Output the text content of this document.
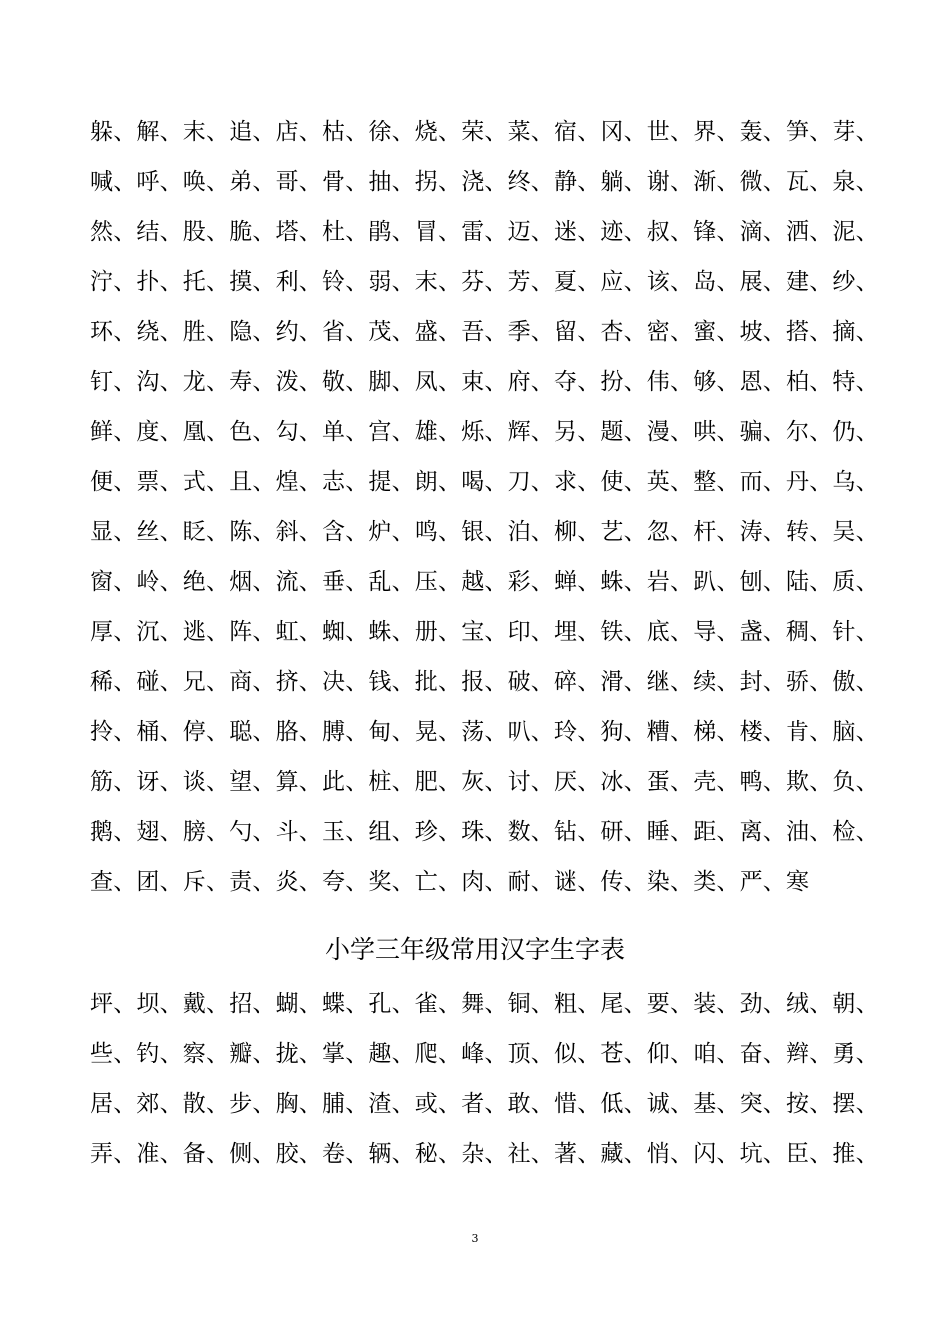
躲、解、末、追、店、枯、徐、烧、荣、菜、宿、冈、世、界、轰、笋、芽、
喊、呼、唤、弟、哥、骨、抽、拐、浇、终、静、躺、谢、渐、微、瓦、泉、
然、结、股、脆、塔、杜、鹃、冒、雷、迈、迷、迹、叔、锋、滴、洒、泥、
泞、扑、托、摸、利、铃、弱、末、芬、芳、夏、应、该、岛、展、建、纱、
环、绕、胜、隐、约、省、茂、盛、吾、季、留、杏、密、蜜、坡、搭、摘、
钉、沟、龙、寿、泼、敬、脚、凤、束、府、夺、扮、伟、够、恩、柏、特、
鲜、度、凰、色、勾、单、宫、雄、烁、辉、另、题、漫、哄、骗、尔、仍、
便、票、式、且、煌、志、提、朗、喝、刀、求、使、英、整、而、丹、乌、
显、丝、眨、陈、斜、含、炉、鸣、银、泊、柳、艺、忽、杆、涛、转、吴、
窗、岭、绝、烟、流、垂、乱、压、越、彩、蝉、蛛、岩、趴、刨、陆、质、
厚、沉、逃、阵、虹、蜘、蛛、册、宝、印、埋、铁、底、导、盏、稠、针、
稀、碰、兄、商、挤、决、钱、批、报、破、碎、滑、继、续、封、骄、傲、
拎、桶、停、聪、胳、膊、甸、晃、荡、叭、玲、狗、糟、梯、楼、肯、脑、
筋、讶、谈、望、算、此、桩、肥、灰、讨、厌、冰、蛋、壳、鸭、欺、负、
鹅、翅、膀、勺、斗、玉、组、珍、珠、数、钻、研、睡、距、离、油、检、
查、团、斥、责、炎、夸、奖、亡、肉、耐、谜、传、染、类、严、寒
小学三年级常用汉字生字表
坪、坝、戴、招、蝴、蝶、孔、雀、舞、铜、粗、尾、要、装、劲、绒、朝、
些、钓、察、瓣、拢、掌、趣、爬、峰、顶、似、苍、仰、咱、奋、辫、勇、
居、郊、散、步、胸、脯、渣、或、者、敢、惜、低、诚、基、突、按、摆、
弄、准、备、侧、胶、卷、辆、秘、杂、社、著、藏、悄、闪、坑、臣、推、
3
